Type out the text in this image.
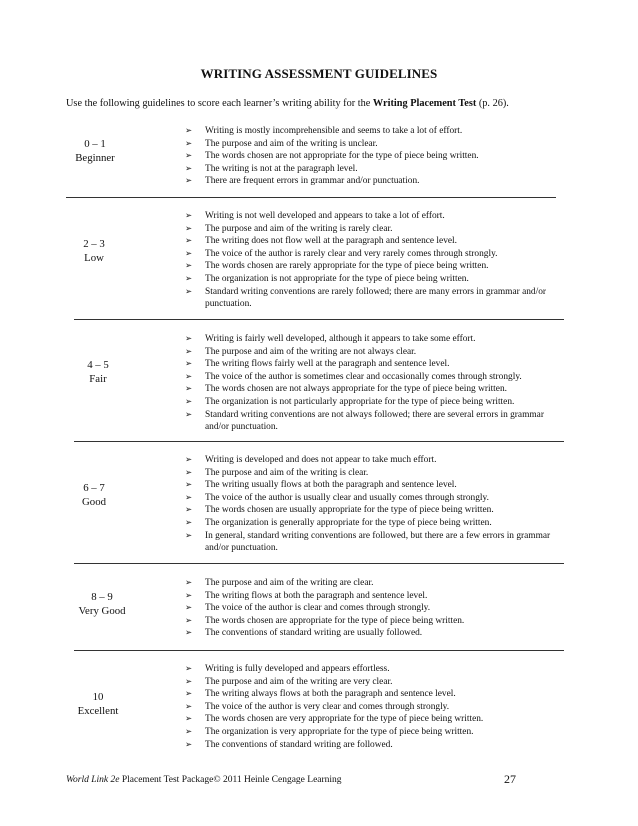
WRITING ASSESSMENT GUIDELINES
Use the following guidelines to score each learner’s writing ability for the Writing Placement Test (p. 26).
0 – 1
Beginner
➢ Writing is mostly incomprehensible and seems to take a lot of effort.
➢ The purpose and aim of the writing is unclear.
➢ The words chosen are not appropriate for the type of piece being written.
➢ The writing is not at the paragraph level.
➢ There are frequent errors in grammar and/or punctuation.
2 – 3
Low
➢ Writing is not well developed and appears to take a lot of effort.
➢ The purpose and aim of the writing is rarely clear.
➢ The writing does not flow well at the paragraph and sentence level.
➢ The voice of the author is rarely clear and very rarely comes through strongly.
➢ The words chosen are rarely appropriate for the type of piece being written.
➢ The organization is not appropriate for the type of piece being written.
➢ Standard writing conventions are rarely followed; there are many errors in grammar and/or punctuation.
4 – 5
Fair
➢ Writing is fairly well developed, although it appears to take some effort.
➢ The purpose and aim of the writing are not always clear.
➢ The writing flows fairly well at the paragraph and sentence level.
➢ The voice of the author is sometimes clear and occasionally comes through strongly.
➢ The words chosen are not always appropriate for the type of piece being written.
➢ The organization is not particularly appropriate for the type of piece being written.
➢ Standard writing conventions are not always followed; there are several errors in grammar and/or punctuation.
6 – 7
Good
➢ Writing is developed and does not appear to take much effort.
➢ The purpose and aim of the writing is clear.
➢ The writing usually flows at both the paragraph and sentence level.
➢ The voice of the author is usually clear and usually comes through strongly.
➢ The words chosen are usually appropriate for the type of piece being written.
➢ The organization is generally appropriate for the type of piece being written.
➢ In general, standard writing conventions are followed, but there are a few errors in grammar and/or punctuation.
8 – 9
Very Good
➢ The purpose and aim of the writing are clear.
➢ The writing flows at both the paragraph and sentence level.
➢ The voice of the author is clear and comes through strongly.
➢ The words chosen are appropriate for the type of piece being written.
➢ The conventions of standard writing are usually followed.
10
Excellent
➢ Writing is fully developed and appears effortless.
➢ The purpose and aim of the writing are very clear.
➢ The writing always flows at both the paragraph and sentence level.
➢ The voice of the author is very clear and comes through strongly.
➢ The words chosen are very appropriate for the type of piece being written.
➢ The organization is very appropriate for the type of piece being written.
➢ The conventions of standard writing are followed.
World Link 2e Placement Test Package© 2011 Heinle Cengage Learning	27
